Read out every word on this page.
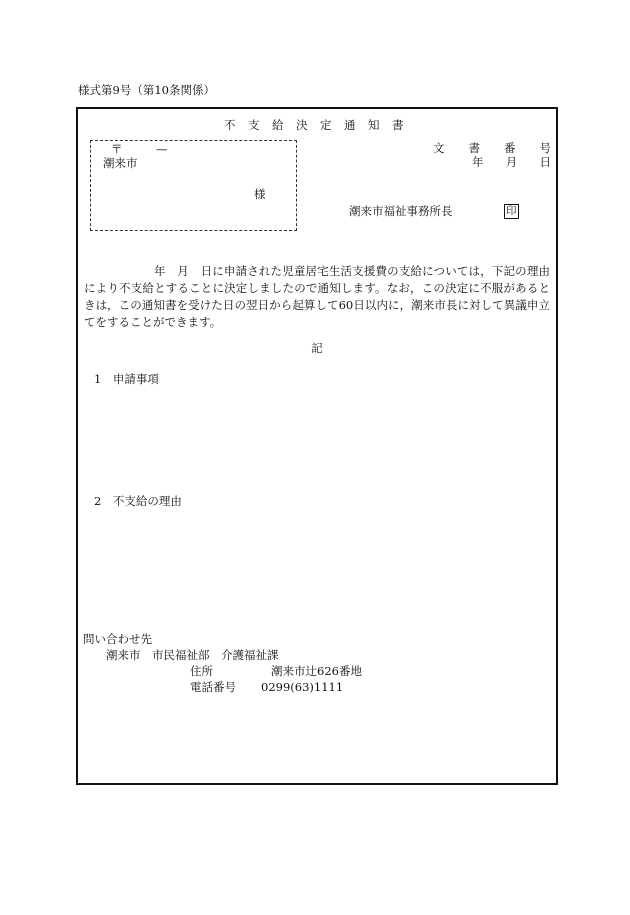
様式第9号（第10条関係）
不支給決定通知書
〒	—
潮来市
様
文 書 番 号
年 月 日
潮来市福祉事務所長	印
　　　　　　年　月　日に申請された児童居宅生活支援費の支給については，下記の理由により不支給とすることに決定しましたので通知します。なお，この決定に不服があるときは，この通知書を受けた日の翌日から起算して60日以内に，潮来市長に対して異議申立てをすることができます。
記
1　申請事項
2　不支給の理由
問い合わせ先
潮来市　市民福祉部　介護福祉課
住所	潮来市辻626番地
電話番号 0299(63)1111
